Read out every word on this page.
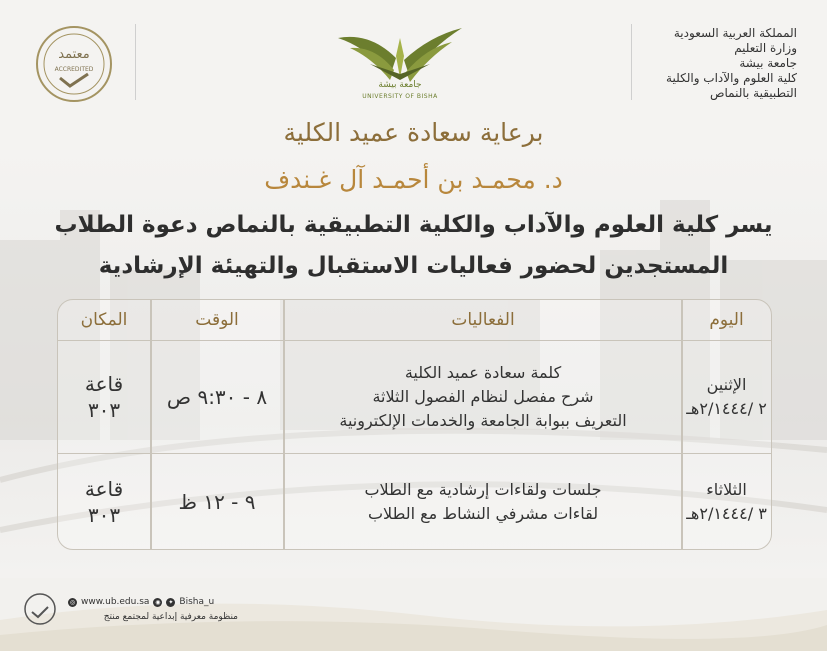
المملكة العربية السعودية
وزارة التعليم
جامعة بيشة
كلية العلوم والآداب والكلية
التطبيقية بالنماص
جامعة بيشة
UNIVERSITY OF BISHA
معتمد
ACCREDITED
برعاية سعادة عميد الكلية
د. محمـد بن أحمـد آل غـندف
يسر كلية العلوم والآداب والكلية التطبيقية بالنماص دعوة الطلاب
المستجدين لحضور فعاليات الاستقبال والتهيئة الإرشادية
اليوم
الفعاليات
الوقت
المكان
الإثنين
٢ /٢/١٤٤٤هـ
كلمة سعادة عميد الكلية
شرح مفصل لنظام الفصول الثلاثة
التعريف ببوابة الجامعة والخدمات الإلكترونية
٨ - ٩:٣٠ ص
قاعة
٣٠٣
الثلاثاء
٣ /٢/١٤٤٤هـ
جلسات ولقاءات إرشادية مع الطلاب
لقاءات مشرفي النشاط مع الطلاب
٩ - ١٢ ظ
قاعة
٣٠٣
◎ www.ub.edu.sa ◉	✦ Bisha_u
منظومة معرفية إبداعية لمجتمع منتج
